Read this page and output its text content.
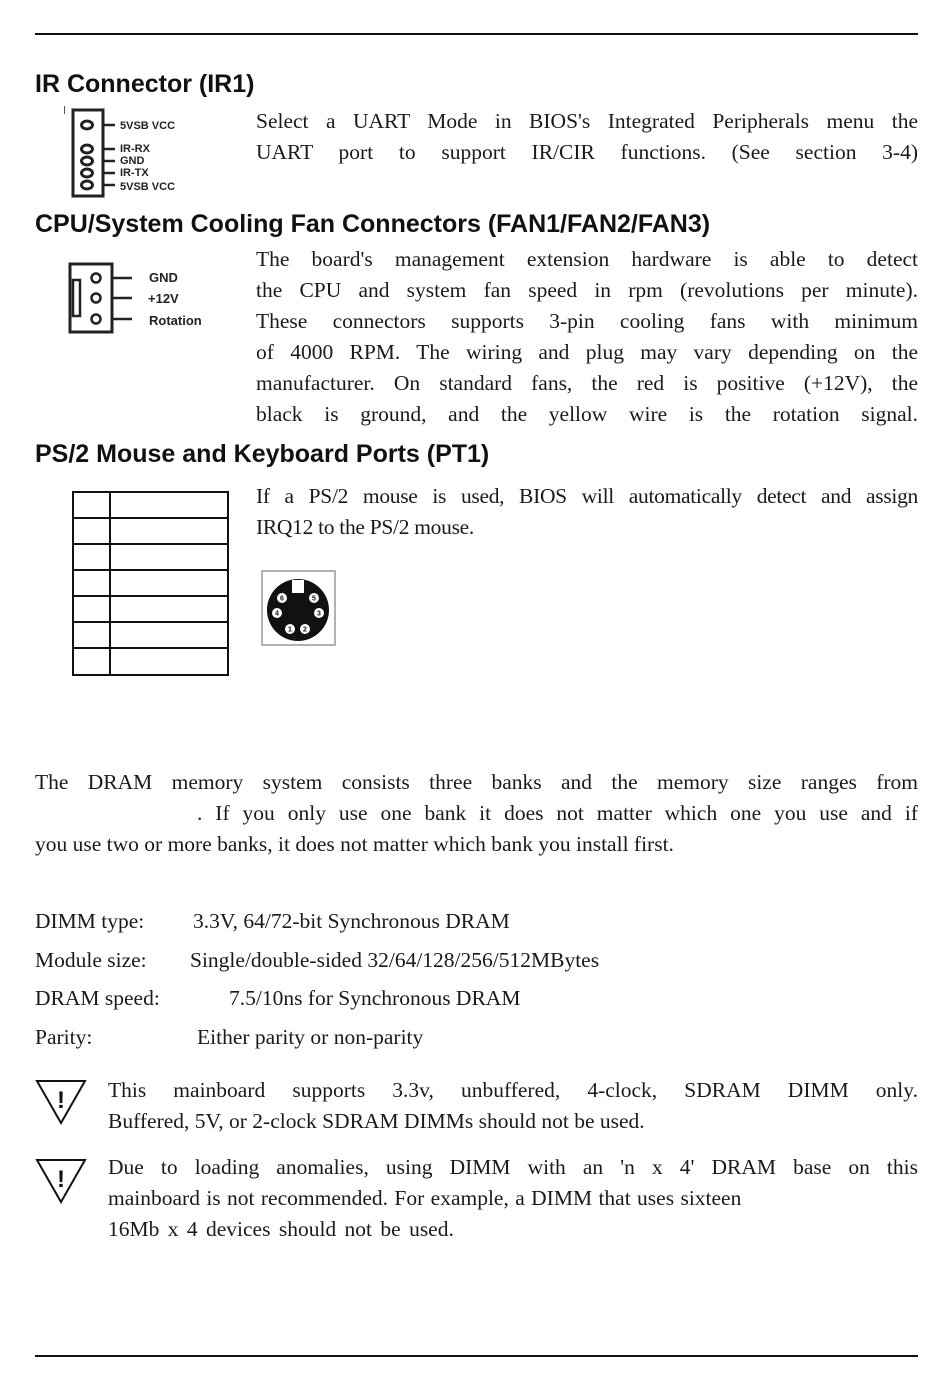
IR Connector (IR1)
5VSB VCC
IR-RX
GND
IR-TX
5VSB VCC
Select a UART Mode in BIOS's Integrated Peripherals menu the
UART port to support IR/CIR functions. (See section 3-4)
CPU/System Cooling Fan Connectors (FAN1/FAN2/FAN3)
GND
+12V
Rotation
The board's management extension hardware is able to detect
the CPU and system fan speed in rpm (revolutions per minute).
These connectors supports 3-pin cooling fans with minimum
of 4000 RPM. The wiring and plug may vary depending on the
manufacturer. On standard fans, the red is positive (+12V), the
black is ground, and the yellow wire is the rotation signal.
PS/2 Mouse and Keyboard Ports (PT1)
If a PS/2 mouse is used, BIOS will automatically detect and assign
IRQ12 to the PS/2 mouse.
6	5
4	3
1 2
The DRAM memory system consists three banks and the memory size ranges from
. If you only use one bank it does not matter which one you use and if
you use two or more banks, it does not matter which bank you install first.
DIMM type: 3.3V, 64/72-bit Synchronous DRAM
Module size: Single/double-sided 32/64/128/256/512MBytes
DRAM speed:	7.5/10ns for Synchronous DRAM
Parity:	Either parity or non-parity
! This mainboard supports 3.3v, unbuffered, 4-clock, SDRAM DIMM only.
Buffered, 5V, or 2-clock SDRAM DIMMs should not be used.
! Due to loading anomalies, using DIMM with an 'n x 4' DRAM base on this
mainboard is not recommended. For example, a DIMM that uses sixteen
16Mb x 4 devices should not be used.
